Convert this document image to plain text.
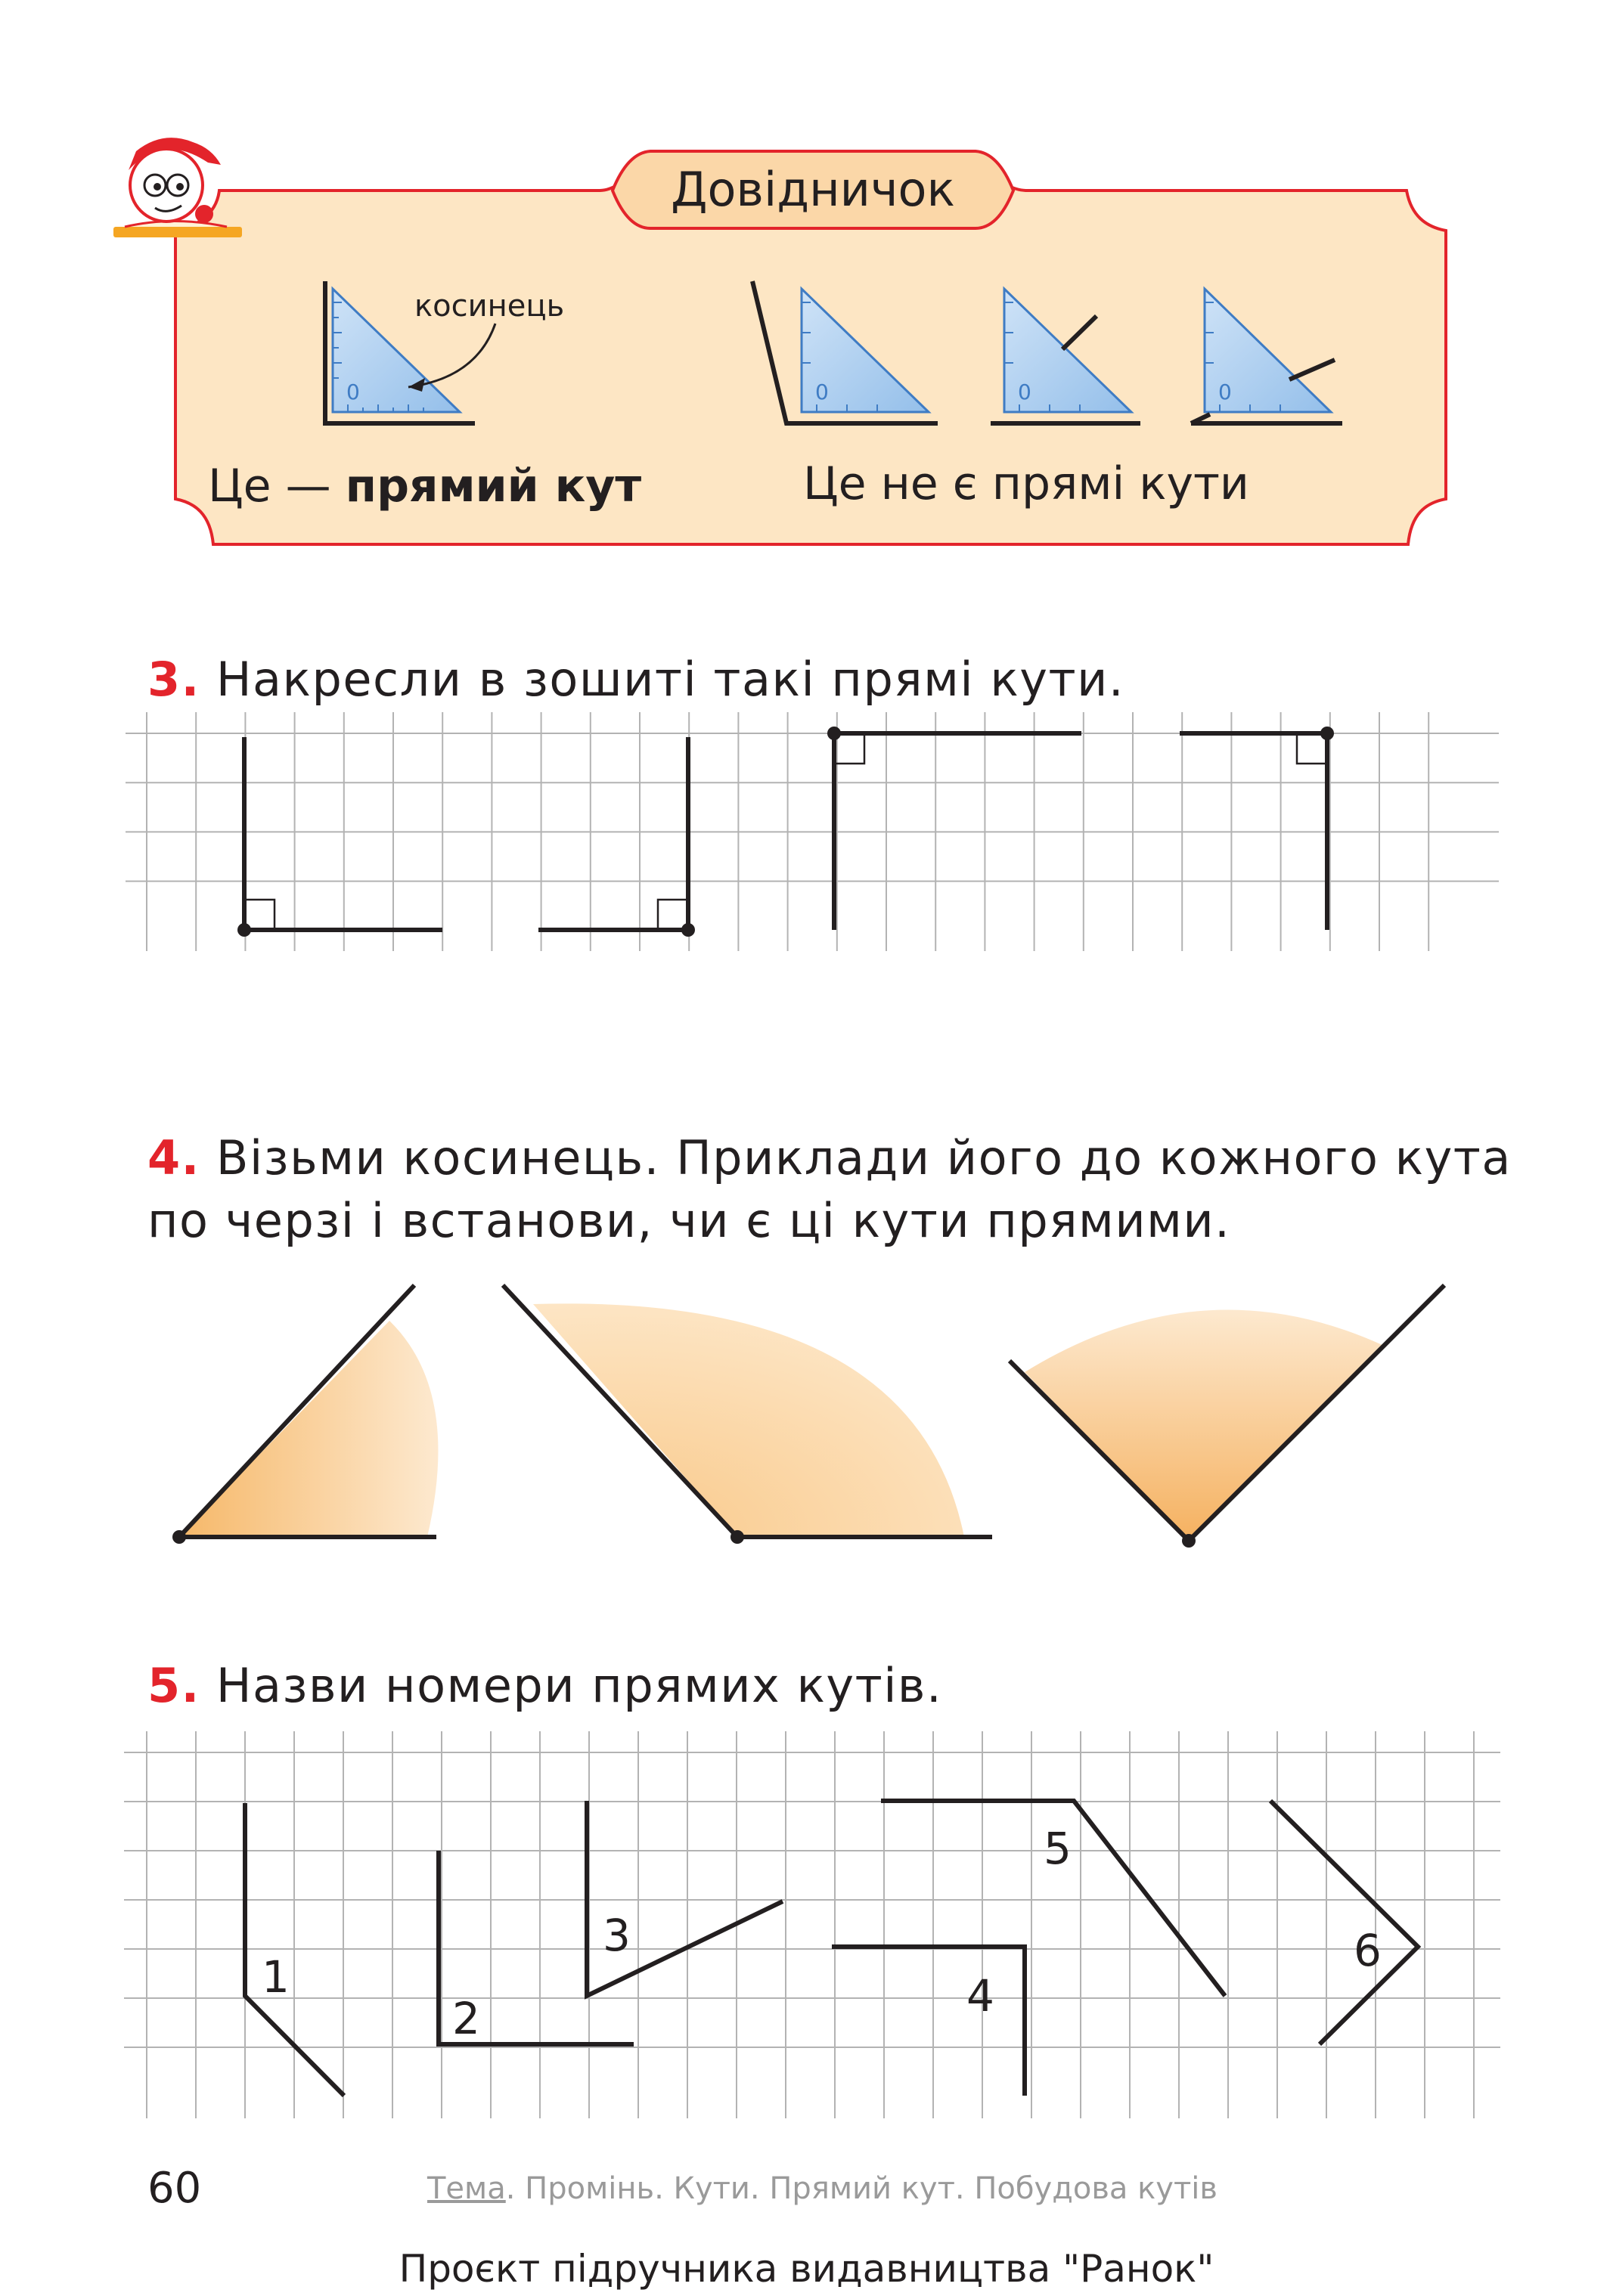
Довідничок
0
косинець
0	0	0
Це — прямий кут	Це не є прямі кути
3. Накресли в зошиті такі прямі кути.
4. Візьми косинець. Приклади його до кожного кута
по черзі і встанови, чи є ці кути прямими.
5. Назви номери прямих кутів.
1
2
3
4
5
6
60	Тема. Промінь. Кути. Прямий кут. Побудова кутів
Проєкт підручника видавництва "Ранок"
